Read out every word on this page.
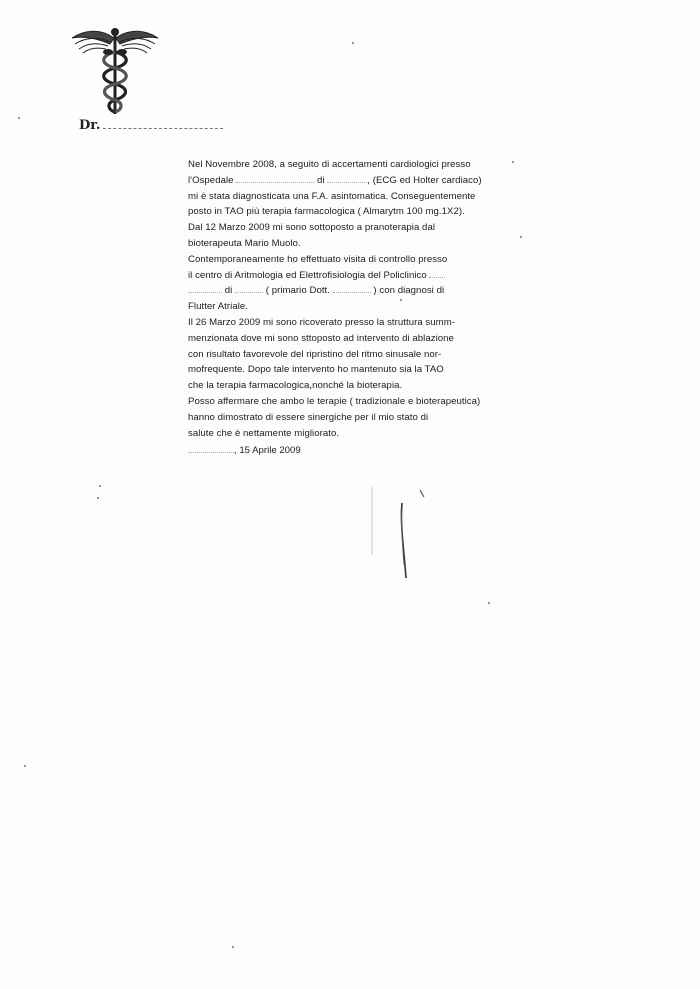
Dr.
Nel Novembre 2008, a seguito di accertamenti cardiologici presso
l'Ospedale	di	, (ECG ed Holter cardiaco)
mi è stata diagnosticata una F.A. asintomatica. Conseguentemente
posto in TAO più terapia farmacologica ( Almarytm 100 mg.1X2).
Dal 12 Marzo 2009 mi sono sottoposto a pranoterapia dal
bioterapeuta Mario Muolo.
Contemporaneamente ho effettuato visita di controllo presso
il centro di Aritmologia ed Elettrofisiologia del Policlinico
di	( primario Dott.	) con diagnosi di
Flutter Atriale.
Il 26 Marzo 2009 mi sono ricoverato presso la struttura summ-
menzionata dove mi sono sttoposto ad intervento di ablazione
con risultato favorevole del ripristino del ritmo sinusale nor-
mofrequente. Dopo tale intervento ho mantenuto sia la TAO
che la terapia farmacologica,nonché la bioterapia.
Posso affermare che ambo le terapie ( tradizionale e bioterapeutica)
hanno dimostrato di essere sinergiche per il mio stato di
salute che è nettamente migliorato.
, 15 Aprile 2009
